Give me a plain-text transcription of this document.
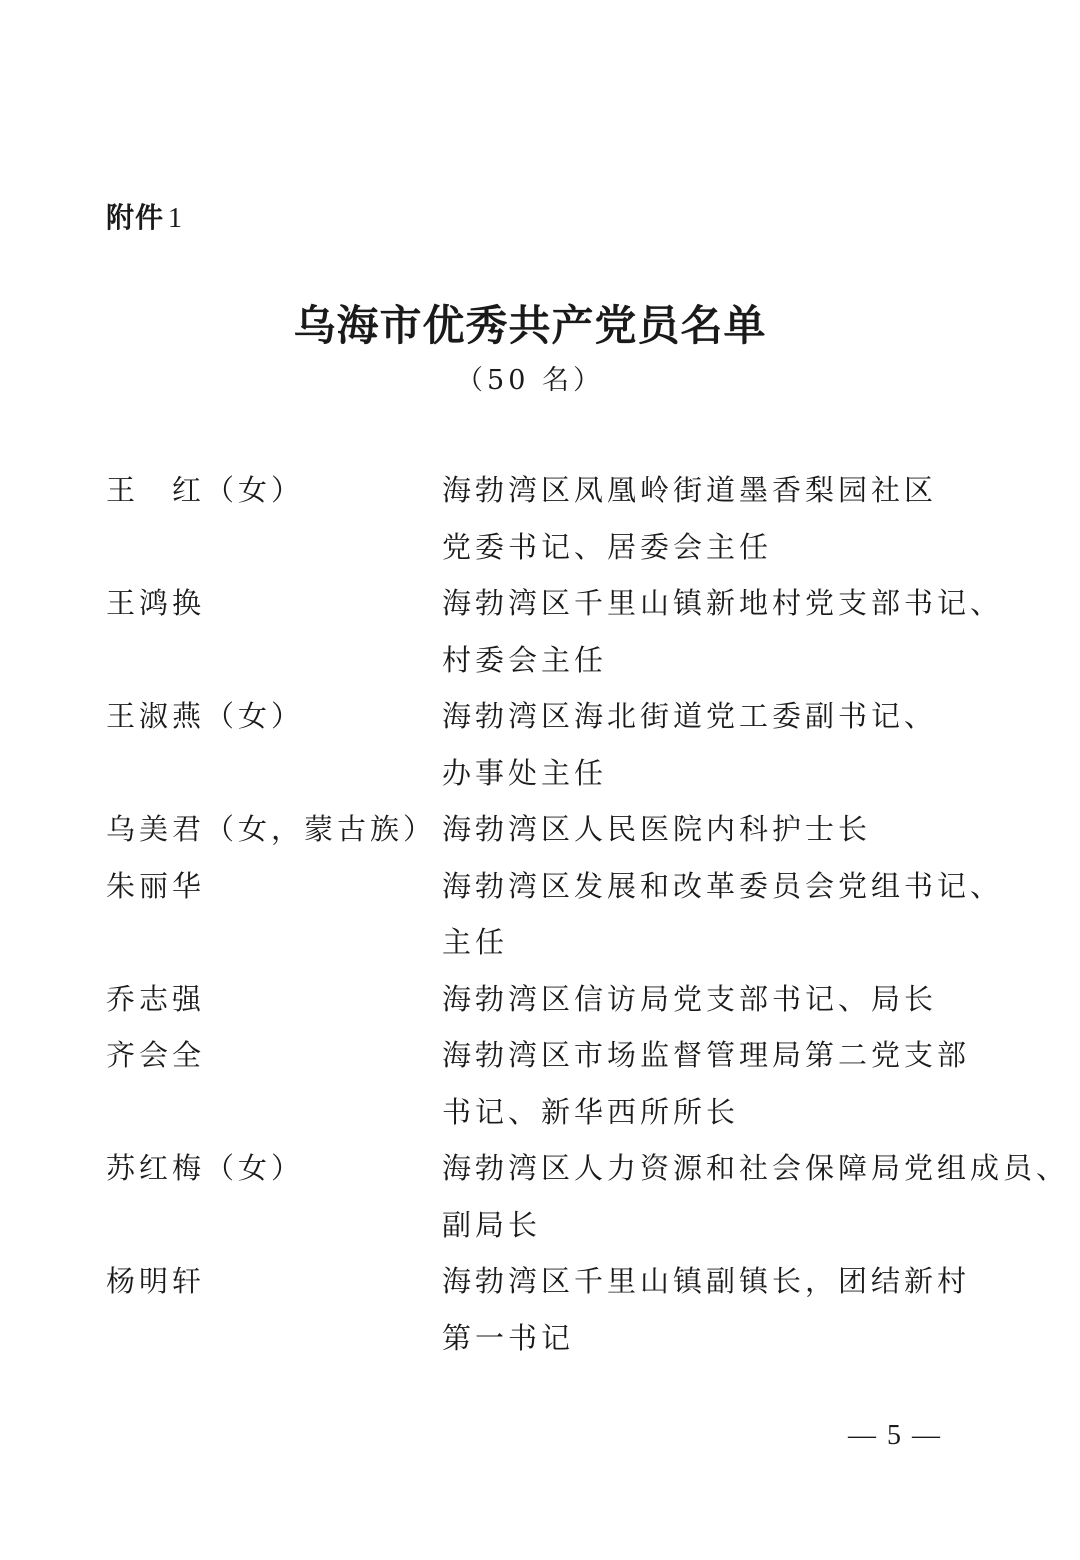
附件 1
乌海市优秀共产党员名单
（50 名）
王　红（女）	海勃湾区凤凰岭街道墨香梨园社区
党委书记、居委会主任
王鸿换	海勃湾区千里山镇新地村党支部书记、
村委会主任
王淑燕（女）	海勃湾区海北街道党工委副书记、
办事处主任
乌美君（女，蒙古族） 海勃湾区人民医院内科护士长
朱丽华	海勃湾区发展和改革委员会党组书记、
主任
乔志强	海勃湾区信访局党支部书记、局长
齐会全	海勃湾区市场监督管理局第二党支部
书记、新华西所所长
苏红梅（女）	海勃湾区人力资源和社会保障局党组成员、
副局长
杨明轩	海勃湾区千里山镇副镇长，团结新村
第一书记
— 5 —
